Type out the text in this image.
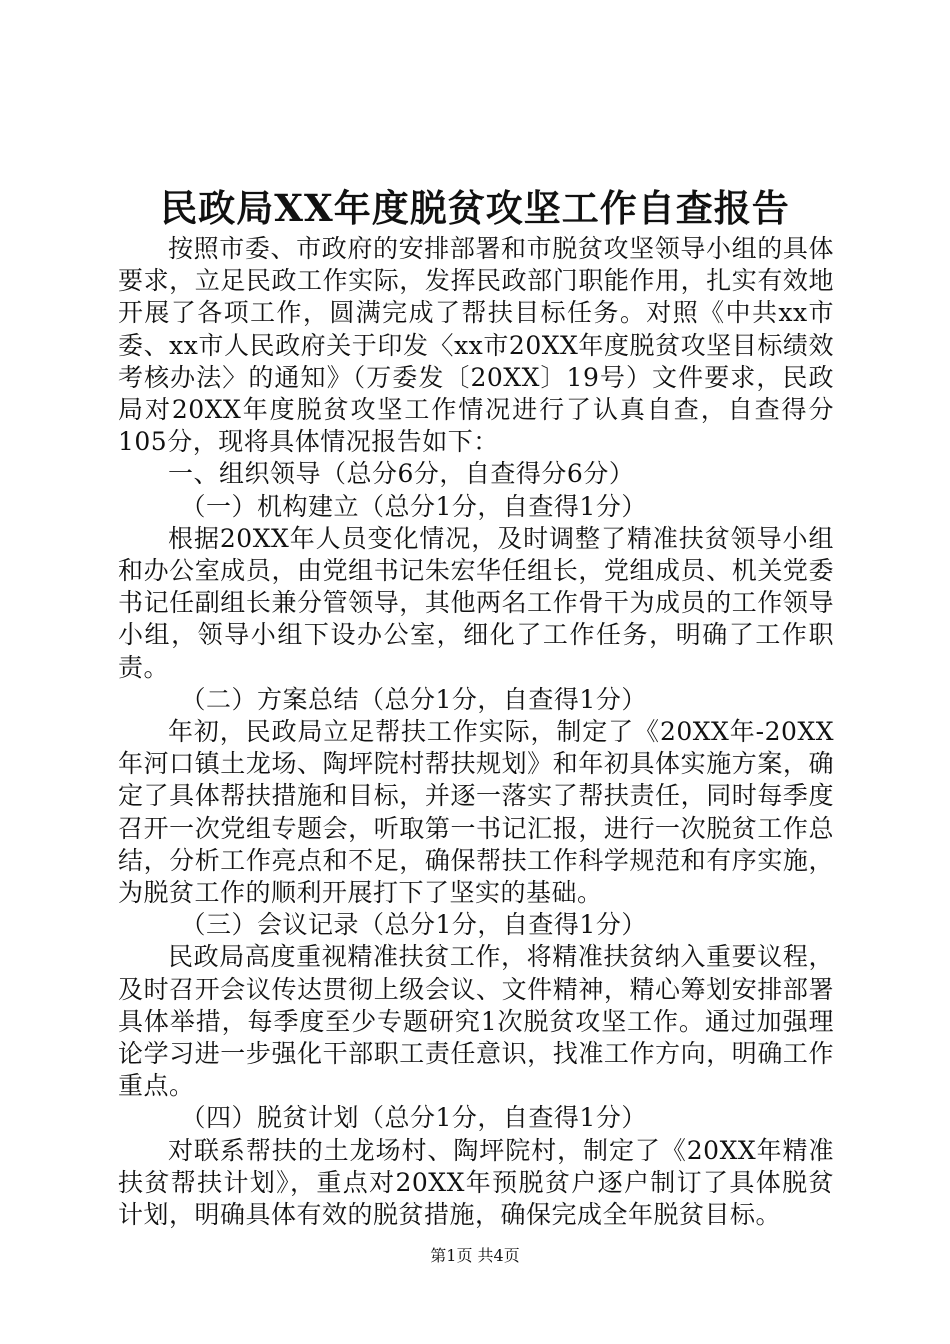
民政局XX年度脱贫攻坚工作自查报告

按照市委、市政府的安排部署和市脱贫攻坚领导小组的具体要求，立足民政工作实际，发挥民政部门职能作用，扎实有效地开展了各项工作，圆满完成了帮扶目标任务。对照《中共xx市委、xx市人民政府关于印发〈xx市20XX年度脱贫攻坚目标绩效考核办法〉的通知》（万委发〔20XX〕19号）文件要求，民政局对20XX年度脱贫攻坚工作情况进行了认真自查，自查得分105分，现将具体情况报告如下：

一、组织领导（总分6分，自查得分6分）

（一）机构建立（总分1分，自查得1分）

根据20XX年人员变化情况，及时调整了精准扶贫领导小组和办公室成员，由党组书记朱宏华任组长，党组成员、机关党委书记任副组长兼分管领导，其他两名工作骨干为成员的工作领导小组，领导小组下设办公室，细化了工作任务，明确了工作职责。

（二）方案总结（总分1分，自查得1分）

年初，民政局立足帮扶工作实际，制定了《20XX年-20XX年河口镇土龙场、陶坪院村帮扶规划》和年初具体实施方案，确定了具体帮扶措施和目标，并逐一落实了帮扶责任，同时每季度召开一次党组专题会，听取第一书记汇报，进行一次脱贫工作总结，分析工作亮点和不足，确保帮扶工作科学规范和有序实施，为脱贫工作的顺利开展打下了坚实的基础。

（三）会议记录（总分1分，自查得1分）

民政局高度重视精准扶贫工作，将精准扶贫纳入重要议程，及时召开会议传达贯彻上级会议、文件精神，精心筹划安排部署具体举措，每季度至少专题研究1次脱贫攻坚工作。通过加强理论学习进一步强化干部职工责任意识，找准工作方向，明确工作重点。

（四）脱贫计划（总分1分，自查得1分）

对联系帮扶的土龙场村、陶坪院村，制定了《20XX年精准扶贫帮扶计划》，重点对20XX年预脱贫户逐户制订了具体脱贫计划，明确具体有效的脱贫措施，确保完成全年脱贫目标。

第1页 共4页
